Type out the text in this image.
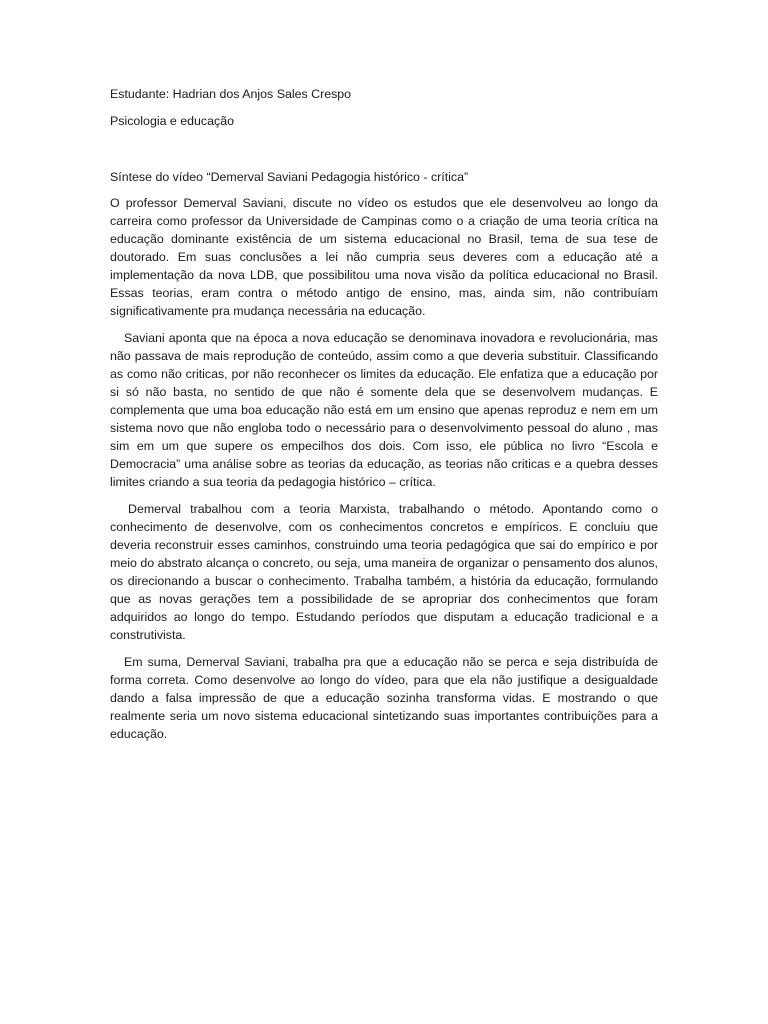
Estudante: Hadrian dos Anjos Sales Crespo

Psicologia e educação

Síntese do vídeo “Demerval Saviani Pedagogia histórico - crítica”

O professor Demerval Saviani, discute no vídeo os estudos que ele desenvolveu ao longo da carreira como professor da Universidade de Campinas como o a criação de uma teoria crítica na educação dominante existência de um sistema educacional no Brasil, tema de sua tese de doutorado. Em suas conclusões a lei não cumpria seus deveres com a educação até a implementação da nova LDB, que possibilitou uma nova visão da política educacional no Brasil. Essas teorias, eram contra o método antigo de ensino, mas, ainda sim, não contribuíam significativamente pra mudança necessária na educação.

Saviani aponta que na época a nova educação se denominava inovadora e revolucionária, mas não passava de mais reprodução de conteúdo, assim como a que deveria substituir. Classificando as como não criticas, por não reconhecer os limites da educação. Ele enfatiza que a educação por si só não basta, no sentido de que não é somente dela que se desenvolvem mudanças. E complementa que uma boa educação não está em um ensino que apenas reproduz e nem em um sistema novo que não engloba todo o necessário para o desenvolvimento pessoal do aluno , mas sim em um que supere os empecilhos dos dois. Com isso, ele pública no livro “Escola e Democracia” uma análise sobre as teorias da educação, as teorias não criticas e a quebra desses limites criando a sua teoria da pedagogia histórico – crítica.

Demerval trabalhou com a teoria Marxista, trabalhando o método. Apontando como o conhecimento de desenvolve, com os conhecimentos concretos e empíricos. E concluiu que deveria reconstruir esses caminhos, construindo uma teoria pedagógica que sai do empírico e por meio do abstrato alcança o concreto, ou seja, uma maneira de organizar o pensamento dos alunos, os direcionando a buscar o conhecimento. Trabalha também, a história da educação, formulando que as novas gerações tem a possibilidade de se apropriar dos conhecimentos que foram adquiridos ao longo do tempo. Estudando períodos que disputam a educação tradicional e a construtivista.

Em suma, Demerval Saviani, trabalha pra que a educação não se perca e seja distribuída de forma correta. Como desenvolve ao longo do vídeo, para que ela não justifique a desigualdade dando a falsa impressão de que a educação sozinha transforma vidas. E mostrando o que realmente seria um novo sistema educacional sintetizando suas importantes contribuições para a educação.
